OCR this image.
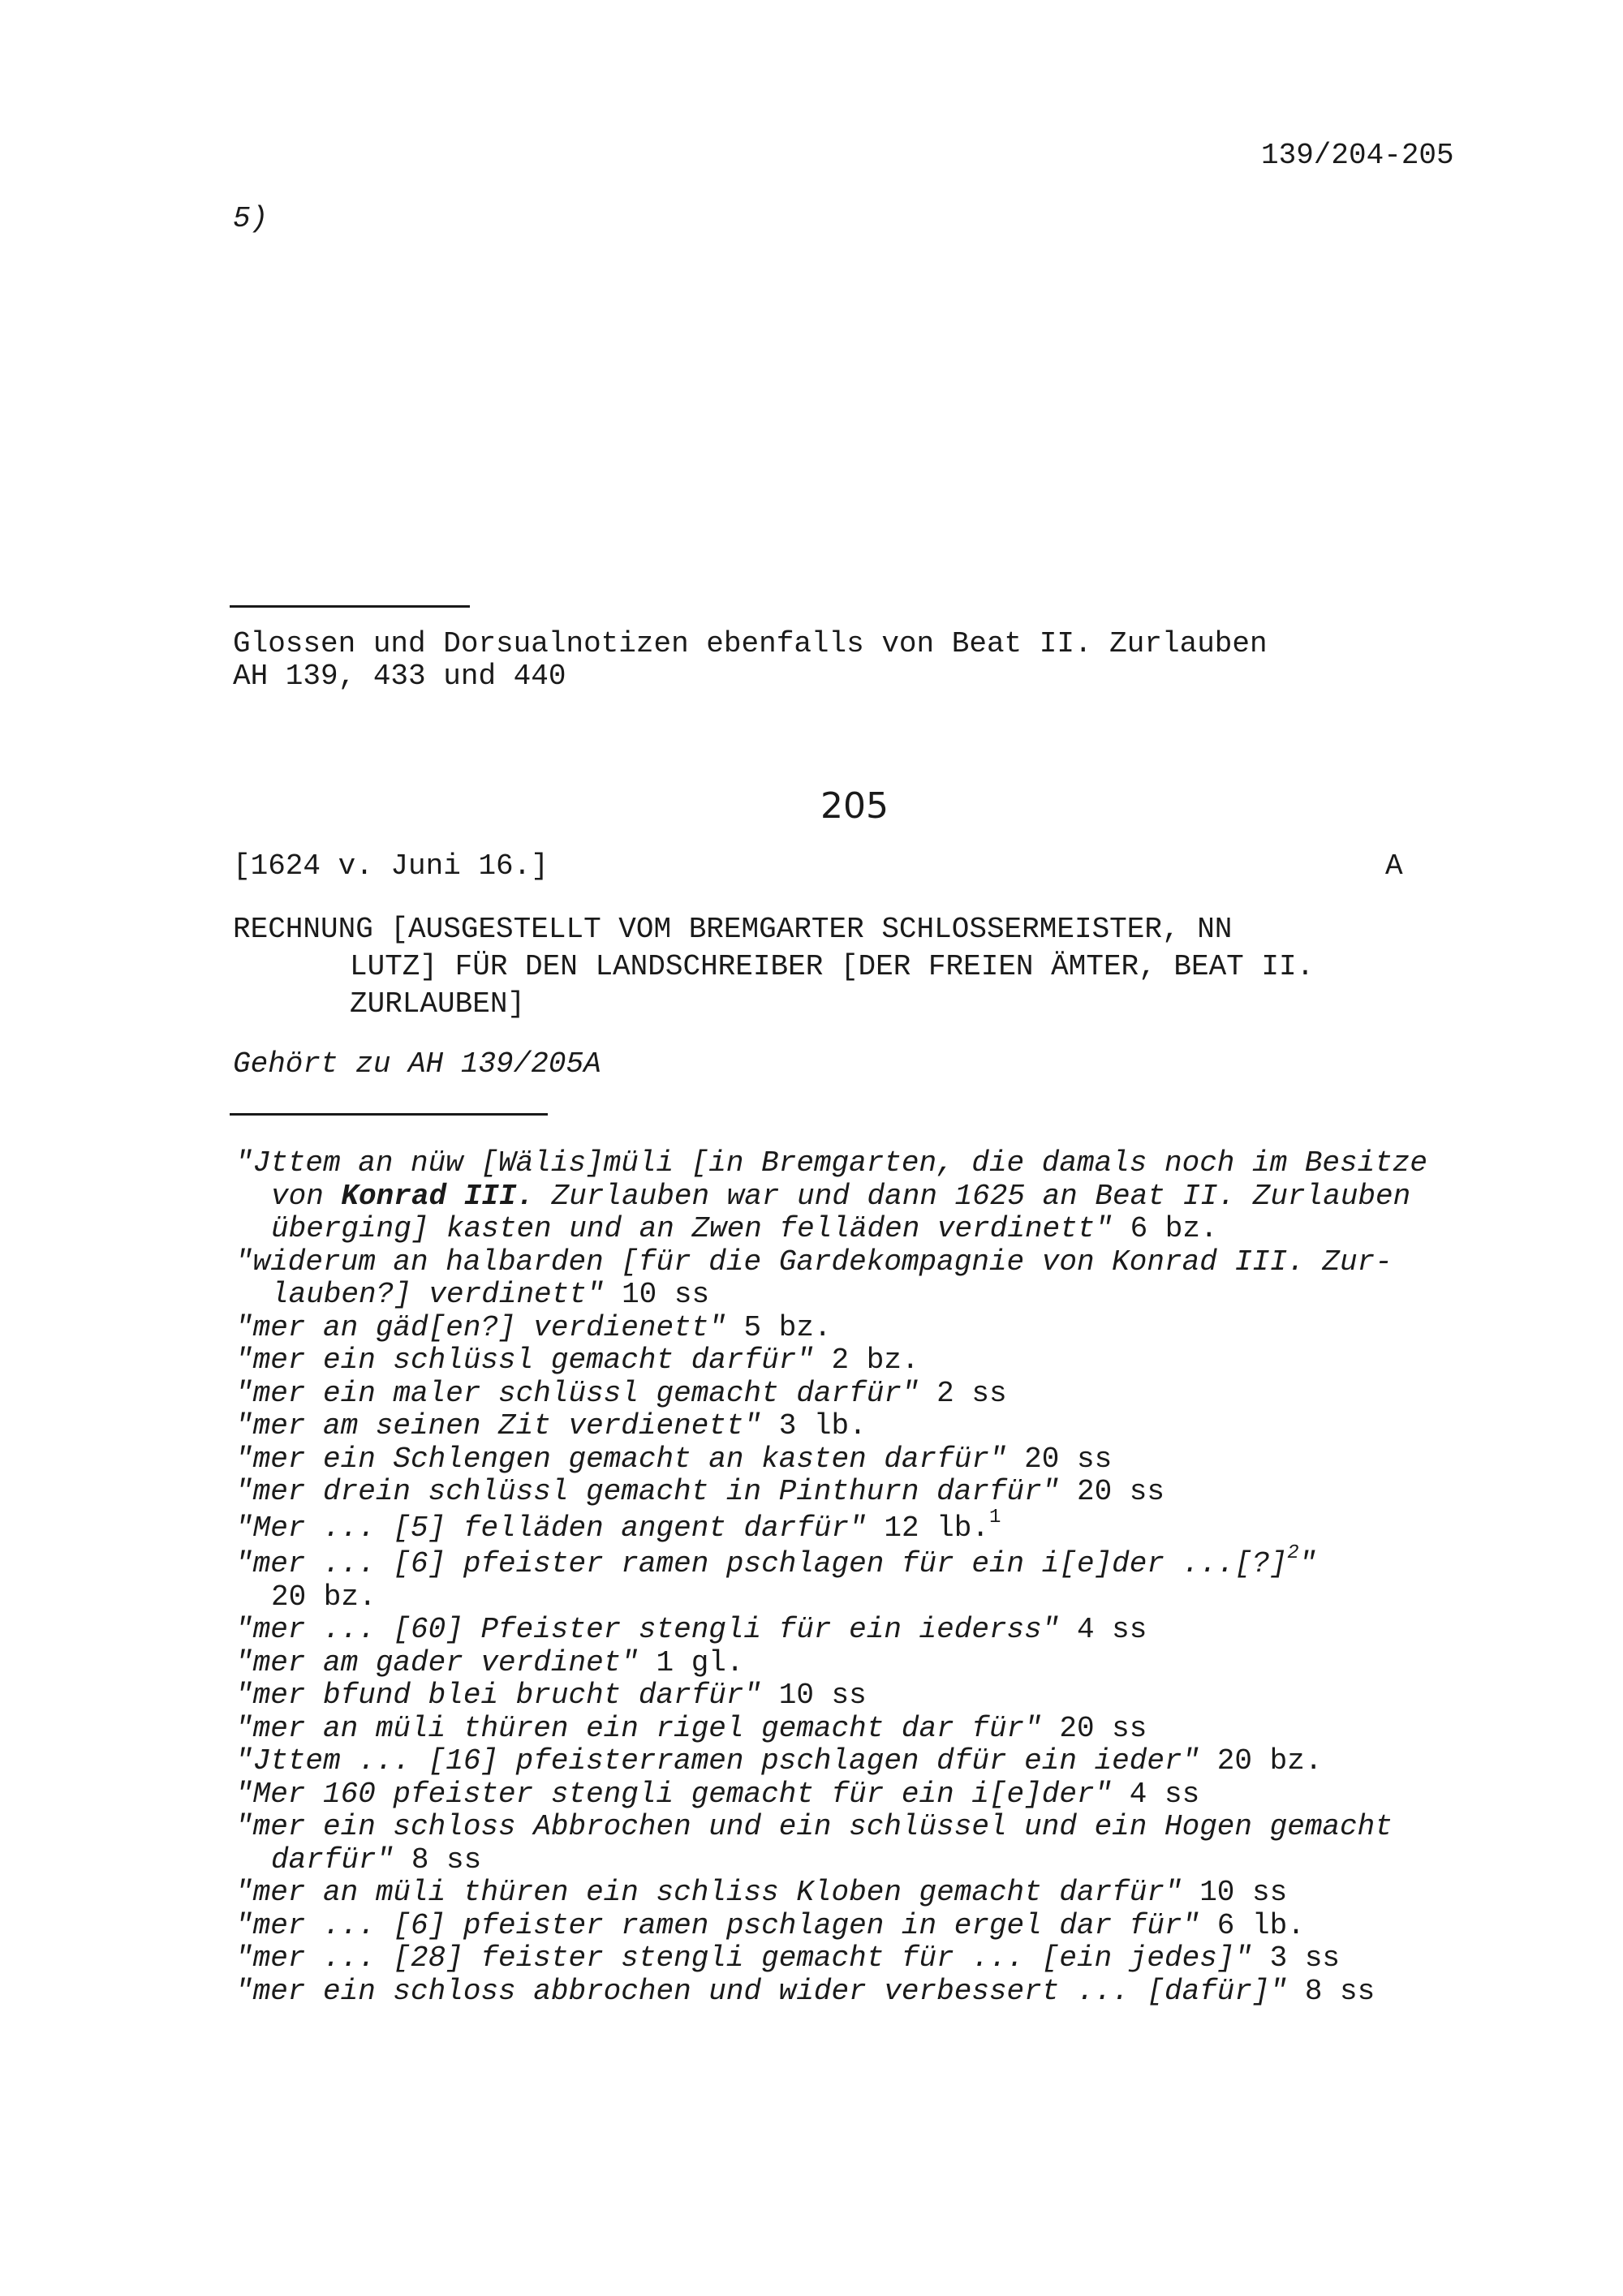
139/204-205
5)
Glossen und Dorsualnotizen ebenfalls von Beat II. Zurlauben
AH 139, 433 und 440
205
[1624 v. Juni 16.]	A
RECHNUNG [AUSGESTELLT VOM BREMGARTER SCHLOSSERMEISTER, NN
LUTZ] FÜR DEN LANDSCHREIBER [DER FREIEN ÄMTER, BEAT II.
ZURLAUBEN]
Gehört zu AH 139/205A
"Jttem an nüw [Wälis]müli [in Bremgarten, die damals noch im Besitze
von Konrad III. Zurlauben war und dann 1625 an Beat II. Zurlauben
überging] kasten und an Zwen felläden verdinett" 6 bz.
"widerum an halbarden [für die Gardekompagnie von Konrad III. Zur-
lauben?] verdinett" 10 ss
"mer an gäd[en?] verdienett" 5 bz.
"mer ein schlüssl gemacht darfür" 2 bz.
"mer ein maler schlüssl gemacht darfür" 2 ss
"mer am seinen Zit verdienett" 3 lb.
"mer ein Schlengen gemacht an kasten darfür" 20 ss
"mer drein schlüssl gemacht in Pinthurn darfür" 20 ss
"Mer ... [5] felläden angent darfür" 12 lb.$^1$
"mer ... [6] pfeister ramen pschlagen für ein i[e]der ...[?]$^2$"
20 bz.
"mer ... [60] Pfeister stengli für ein iederss" 4 ss
"mer am gader verdinet" 1 gl.
"mer bfund blei brucht darfür" 10 ss
"mer an müli thüren ein rigel gemacht dar für" 20 ss
"Jttem ... [16] pfeisterramen pschlagen dfür ein ieder" 20 bz.
"Mer 160 pfeister stengli gemacht für ein i[e]der" 4 ss
"mer ein schloss Abbrochen und ein schlüssel und ein Hogen gemacht
darfür" 8 ss
"mer an müli thüren ein schliss Kloben gemacht darfür" 10 ss
"mer ... [6] pfeister ramen pschlagen in ergel dar für" 6 lb.
"mer ... [28] feister stengli gemacht für ... [ein jedes]" 3 ss
"mer ein schloss abbrochen und wider verbessert ... [dafür]" 8 ss
